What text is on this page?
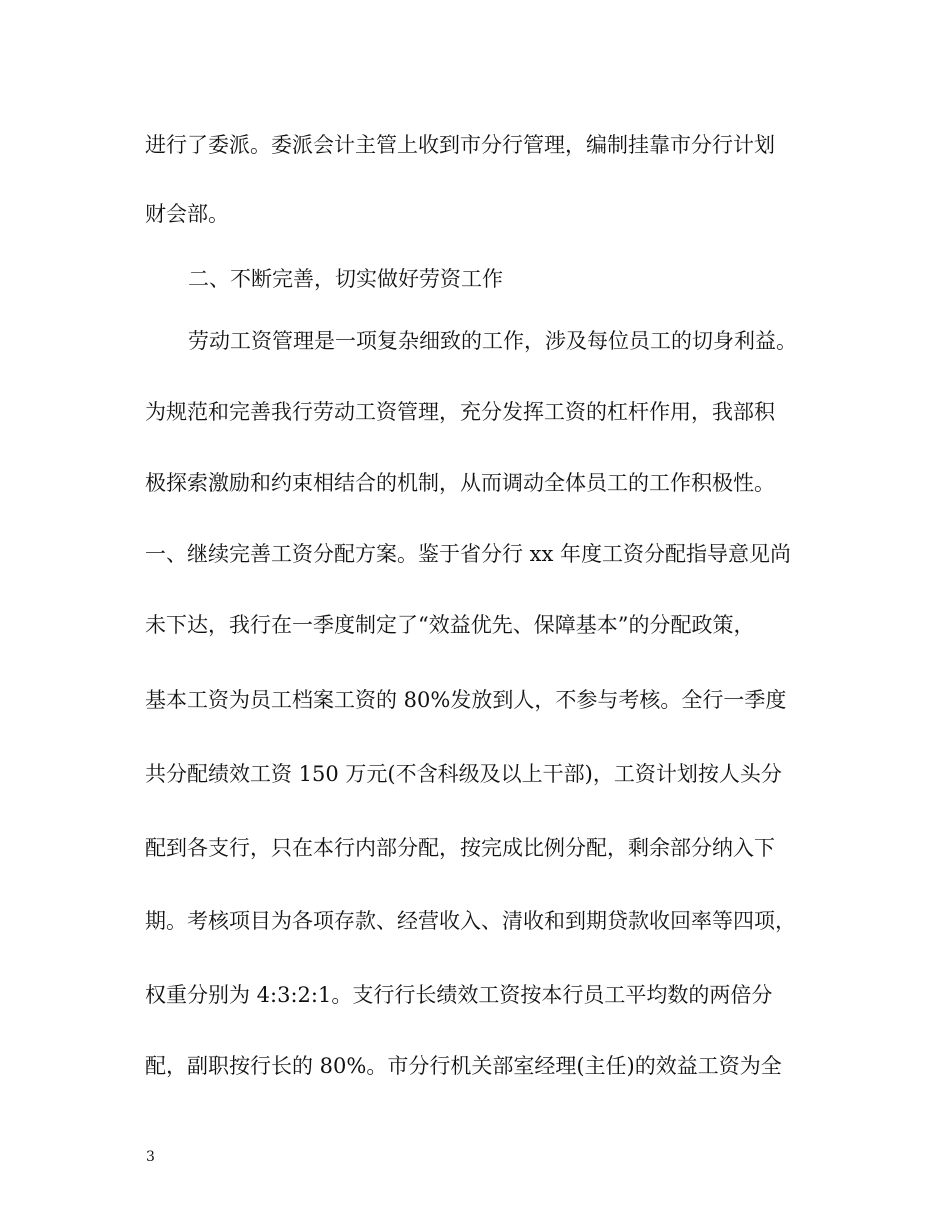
进行了委派。委派会计主管上收到市分行管理，编制挂靠市分行计划
财会部。
二、不断完善，切实做好劳资工作
劳动工资管理是一项复杂细致的工作，涉及每位员工的切身利益。
为规范和完善我行劳动工资管理，充分发挥工资的杠杆作用，我部积
极探索激励和约束相结合的机制，从而调动全体员工的工作积极性。
一、继续完善工资分配方案。鉴于省分行 xx 年度工资分配指导意见尚
未下达，我行在一季度制定了“效益优先、保障基本”的分配政策，
基本工资为员工档案工资的 80%发放到人，不参与考核。全行一季度
共分配绩效工资 150 万元(不含科级及以上干部)，工资计划按人头分
配到各支行，只在本行内部分配，按完成比例分配，剩余部分纳入下
期。考核项目为各项存款、经营收入、清收和到期贷款收回率等四项，
权重分别为 4:3:2:1。支行行长绩效工资按本行员工平均数的两倍分
配，副职按行长的 80%。市分行机关部室经理(主任)的效益工资为全
3
